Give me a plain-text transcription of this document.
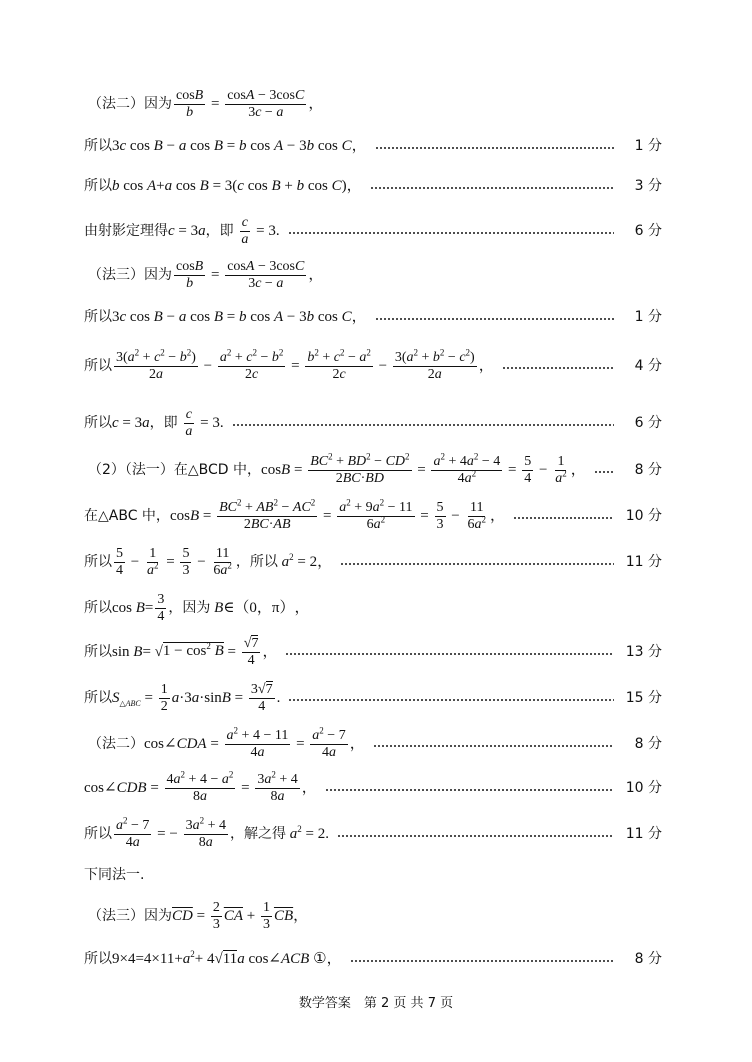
（法二）因为 $\frac{\cos B}{b} = \frac{\cos A - 3\cos C}{3c - a}$ ，
所以 3c cos B − a cos B = b cos A − 3b cos C ，	1 分
所以 b cos A+a cos B = 3(c cos B + b cos C) ，	3 分
由射影定理得 c = 3a，即 $\frac{c}{a} = 3$ .	6 分
（法三）因为 $\frac{\cos B}{b} = \frac{\cos A - 3\cos C}{3c - a}$ ，
所以 3c cos B − a cos B = b cos A − 3b cos C ，	1 分
所以 $\frac{3(a^2 + c^2 - b^2)}{2a} - \frac{a^2 + c^2 - b^2}{2c} = \frac{b^2 + c^2 - a^2}{2c} - \frac{3(a^2 + b^2 - c^2)}{2a}$ ，	4 分
所以 c = 3a，即 $\frac{c}{a} = 3$ .	6 分
（2）（法一）在△BCD 中， $\cos B = \frac{BC^2 + BD^2 - CD^2}{2BC\cdot BD} = \frac{a^2 + 4a^2 - 4}{4a^2} = \frac{5}{4} - \frac{1}{a^2}$ ，	8 分
在△ABC 中， $\cos B = \frac{BC^2 + AB^2 - AC^2}{2BC\cdot AB} = \frac{a^2 + 9a^2 - 11}{6a^2} = \frac{5}{3} - \frac{11}{6a^2}$ ，	10 分
所以 $\frac{5}{4} - \frac{1}{a^2} = \frac{5}{3} - \frac{11}{6a^2}$ ，所以 $a^2 = 2$ ，	11 分
所以 $\cos B= \frac{3}{4}$ ，因为 B∈（0，π） ，
所以 $\sin B= √1 - \cos^2 B = \frac{√7}{4}$ ，	13 分
所以 $S_{\triangle ABC} = \frac{1}{2} a\cdot 3a\cdot\sin B = \frac{3√7}{4}$ .	15 分
（法二） cos∠CDA = $\frac{a^2 + 4 - 11}{4a} = \frac{a^2 - 7}{4a}$ ，	8 分
cos∠CDB = $\frac{4a^2 + 4 - a^2}{8a} = \frac{3a^2 + 4}{8a}$ ，	10 分
所以 $\frac{a^2 - 7}{4a}$ = − $\frac{3a^2 + 4}{8a}$ ，解之得 $a^2 = 2$ .	11 分
下同法一.
（法三）因为 $\overline{CD} = \frac{2}{3} \overline{CA} + \frac{1}{3} \overline{CB}$ ，
所以 $9\times 4=4\times 11+a^2+ 4√11a$ cos∠ACB ① ，	8 分
数学答案　第 2 页 共 7 页
